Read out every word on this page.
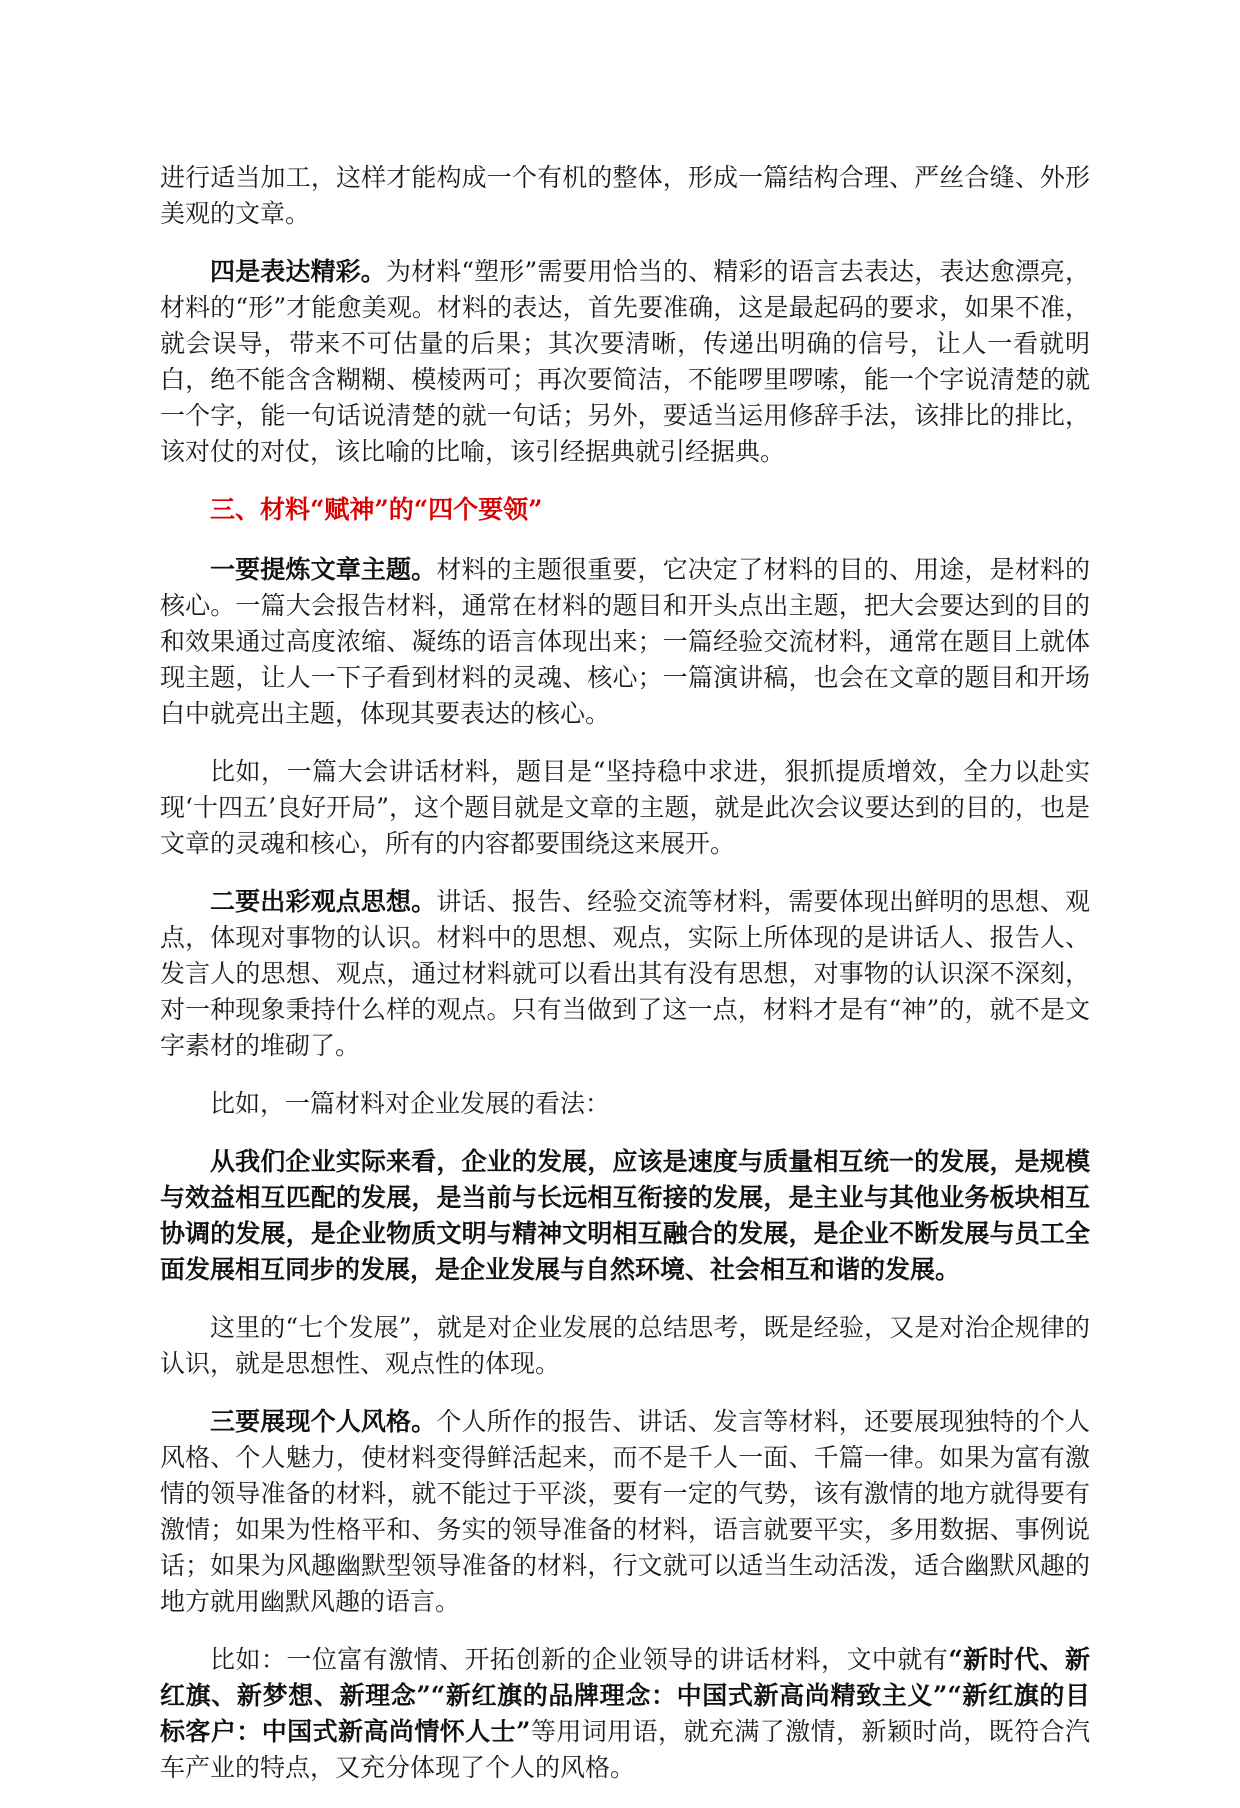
进行适当加工，这样才能构成一个有机的整体，形成一篇结构合理、严丝合缝、外形美观的文章。

四是表达精彩。为材料“塑形”需要用恰当的、精彩的语言去表达，表达愈漂亮，材料的“形”才能愈美观。材料的表达，首先要准确，这是最起码的要求，如果不准，就会误导，带来不可估量的后果；其次要清晰，传递出明确的信号，让人一看就明白，绝不能含含糊糊、模棱两可；再次要简洁，不能啰里啰嗦，能一个字说清楚的就一个字，能一句话说清楚的就一句话；另外，要适当运用修辞手法，该排比的排比，该对仗的对仗，该比喻的比喻，该引经据典就引经据典。

三、材料“赋神”的“四个要领”

一要提炼文章主题。材料的主题很重要，它决定了材料的目的、用途，是材料的核心。一篇大会报告材料，通常在材料的题目和开头点出主题，把大会要达到的目的和效果通过高度浓缩、凝练的语言体现出来；一篇经验交流材料，通常在题目上就体现主题，让人一下子看到材料的灵魂、核心；一篇演讲稿，也会在文章的题目和开场白中就亮出主题，体现其要表达的核心。

比如，一篇大会讲话材料，题目是“坚持稳中求进，狠抓提质增效，全力以赴实现‘十四五’良好开局”，这个题目就是文章的主题，就是此次会议要达到的目的，也是文章的灵魂和核心，所有的内容都要围绕这来展开。

二要出彩观点思想。讲话、报告、经验交流等材料，需要体现出鲜明的思想、观点，体现对事物的认识。材料中的思想、观点，实际上所体现的是讲话人、报告人、发言人的思想、观点，通过材料就可以看出其有没有思想，对事物的认识深不深刻，对一种现象秉持什么样的观点。只有当做到了这一点，材料才是有“神”的，就不是文字素材的堆砌了。

比如，一篇材料对企业发展的看法：

从我们企业实际来看，企业的发展，应该是速度与质量相互统一的发展，是规模与效益相互匹配的发展，是当前与长远相互衔接的发展，是主业与其他业务板块相互协调的发展，是企业物质文明与精神文明相互融合的发展，是企业不断发展与员工全面发展相互同步的发展，是企业发展与自然环境、社会相互和谐的发展。

这里的“七个发展”，就是对企业发展的总结思考，既是经验，又是对治企规律的认识，就是思想性、观点性的体现。

三要展现个人风格。个人所作的报告、讲话、发言等材料，还要展现独特的个人风格、个人魅力，使材料变得鲜活起来，而不是千人一面、千篇一律。如果为富有激情的领导准备的材料，就不能过于平淡，要有一定的气势，该有激情的地方就得要有激情；如果为性格平和、务实的领导准备的材料，语言就要平实，多用数据、事例说话；如果为风趣幽默型领导准备的材料，行文就可以适当生动活泼，适合幽默风趣的地方就用幽默风趣的语言。

比如：一位富有激情、开拓创新的企业领导的讲话材料，文中就有“新时代、新红旗、新梦想、新理念”“新红旗的品牌理念：中国式新高尚精致主义”“新红旗的目标客户：中国式新高尚情怀人士”等用词用语，就充满了激情，新颖时尚，既符合汽车产业的特点，又充分体现了个人的风格。
